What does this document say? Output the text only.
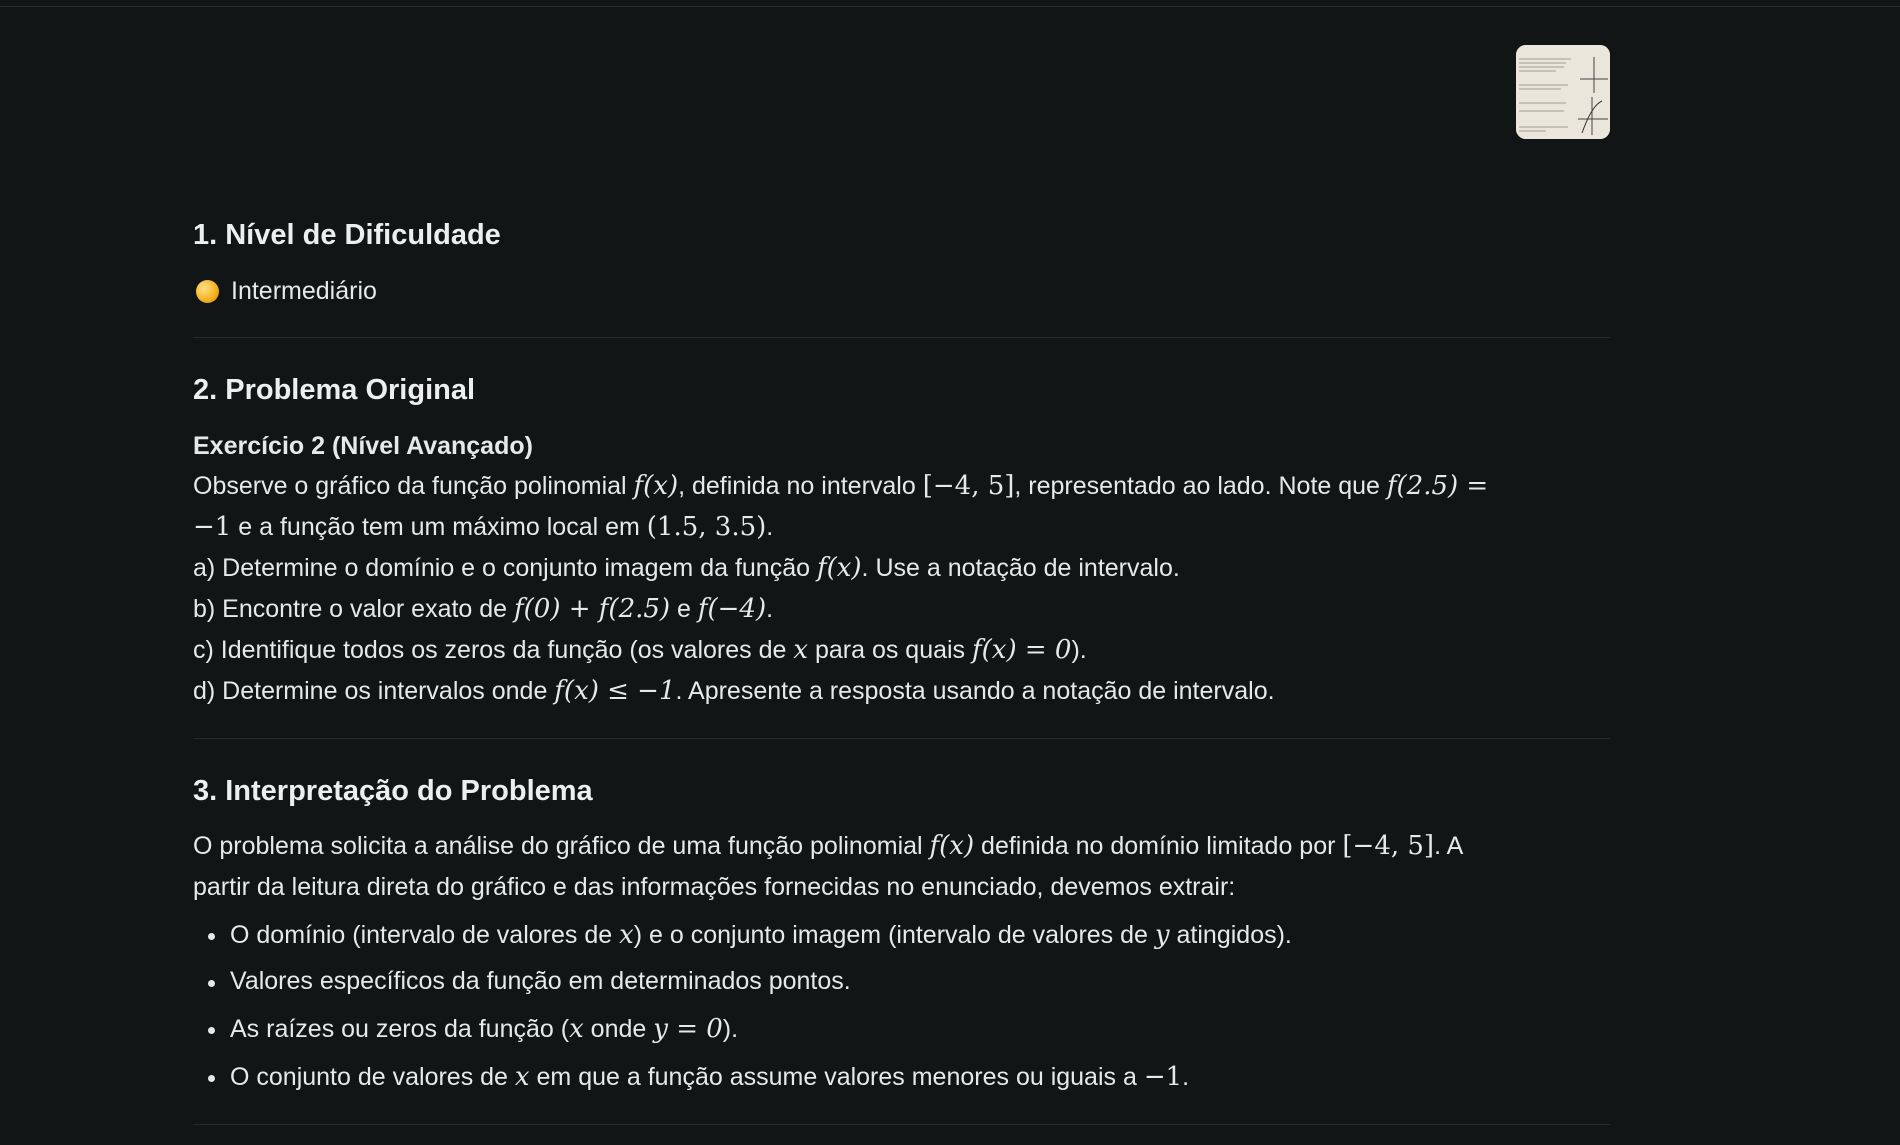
1. Nível de Dificuldade
Intermediário
2. Problema Original
Exercício 2 (Nível Avançado)
Observe o gráfico da função polinomial f(x), definida no intervalo [−4, 5], representado ao lado. Note que f(2.5) =
−1 e a função tem um máximo local em (1.5, 3.5).
a) Determine o domínio e o conjunto imagem da função f(x). Use a notação de intervalo.
b) Encontre o valor exato de f(0) + f(2.5) e f(−4).
c) Identifique todos os zeros da função (os valores de x para os quais f(x) = 0).
d) Determine os intervalos onde f(x) ≤ −1. Apresente a resposta usando a notação de intervalo.
3. Interpretação do Problema
O problema solicita a análise do gráfico de uma função polinomial f(x) definida no domínio limitado por [−4, 5]. A
partir da leitura direta do gráfico e das informações fornecidas no enunciado, devemos extrair:
O domínio (intervalo de valores de x) e o conjunto imagem (intervalo de valores de y atingidos).
Valores específicos da função em determinados pontos.
As raízes ou zeros da função (x onde y = 0).
O conjunto de valores de x em que a função assume valores menores ou iguais a −1.
